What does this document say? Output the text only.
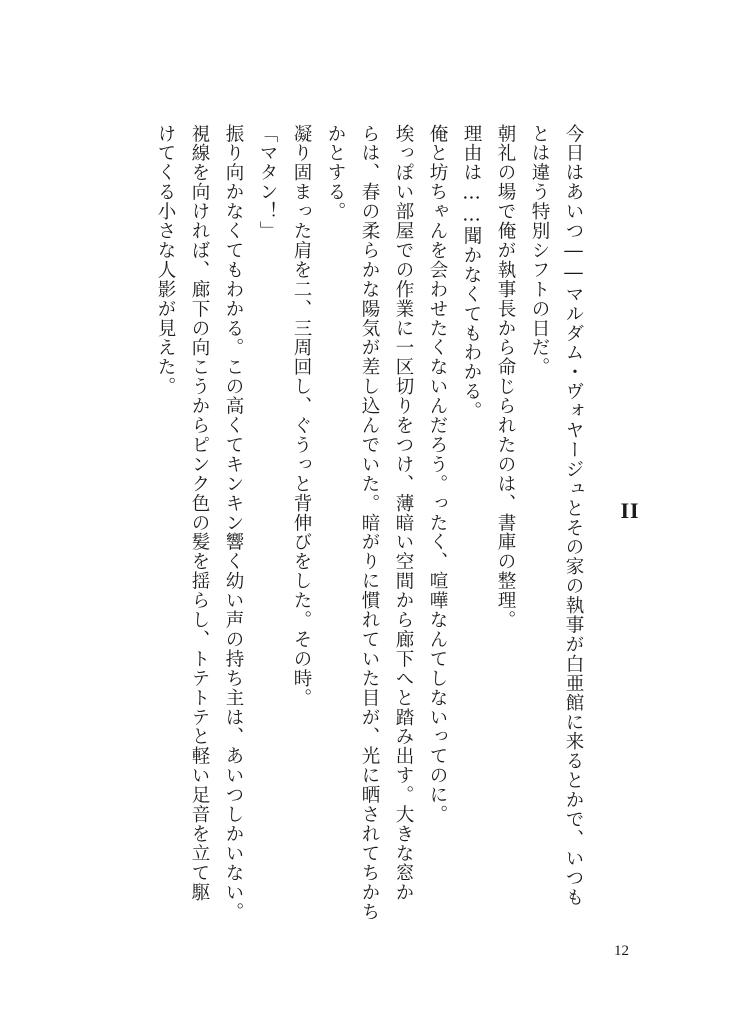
II
今日はあいつ――マルダム・ヴォヤージュとその家の執事が白亜館に来るとかで、いつも
とは違う特別シフトの日だ。
朝礼の場で俺が執事長から命じられたのは、書庫の整理。
理由は……聞かなくてもわかる。
俺と坊ちゃんを会わせたくないんだろう。ったく、喧嘩なんてしないってのに。
埃っぽい部屋での作業に一区切りをつけ、薄暗い空間から廊下へと踏み出す。大きな窓か
らは、春の柔らかな陽気が差し込んでいた。暗がりに慣れていた目が、光に晒されてちかち
かとする。
凝り固まった肩を二、三周回し、ぐうっと背伸びをした。その時。
「マタン！」
振り向かなくてもわかる。この高くてキンキン響く幼い声の持ち主は、あいつしかいない。
視線を向ければ、廊下の向こうからピンク色の髪を揺らし、トテトテと軽い足音を立て駆
けてくる小さな人影が見えた。
12
